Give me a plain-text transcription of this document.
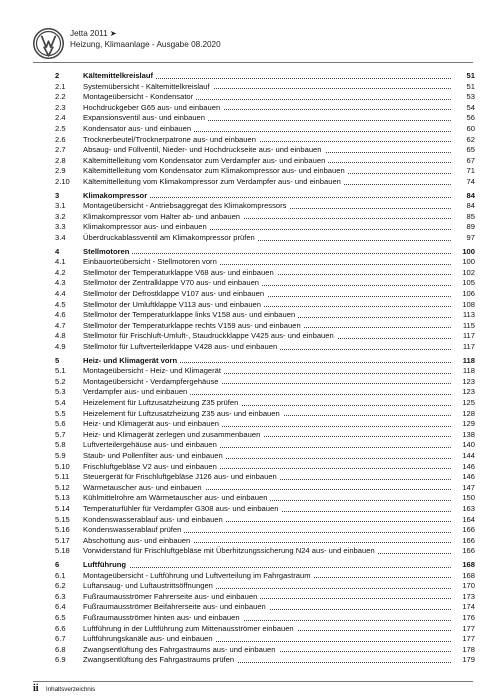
Jetta 2011 ➤
Heizung, Klimaanlage - Ausgabe 08.2020
2	Kältemittelkreislauf	51
2.1 Systemübersicht - Kältemittelkreislauf	51
2.2 Montageübersicht - Kondensator	53
2.3 Hochdruckgeber G65 aus- und einbauen	54
2.4 Expansionsventil aus- und einbauen	56
2.5 Kondensator aus- und einbauen	60
2.6 Trocknerbeutel/Trocknerpatrone aus- und einbauen	62
2.7 Absaug- und Füllventil, Nieder- und Hochdruckseite aus- und einbauen	65
2.8 Kältemittelleitung vom Kondensator zum Verdampfer aus- und einbauen	67
2.9 Kältemittelleitung vom Kondensator zum Klimakompressor aus- und einbauen	71
2.10 Kältemittelleitung vom Klimakompressor zum Verdampfer aus- und einbauen	74
3	Klimakompressor	84
3.1 Montageübersicht - Antriebsaggregat des Klimakompressors	84
3.2 Klimakompressor vom Halter ab- und anbauen	85
3.3 Klimakompressor aus- und einbauen	89
3.4 Überdruckablassventil am Klimakompressor prüfen	97
4	Stellmotoren	100
4.1 Einbauorteübersicht - Stellmotoren vorn	100
4.2 Stellmotor der Temperaturklappe V68 aus- und einbauen	102
4.3 Stellmotor der Zentralklappe V70 aus- und einbauen	105
4.4 Stellmotor der Defrostklappe V107 aus- und einbauen	106
4.5 Stellmotor der Umluftklappe V113 aus- und einbauen	108
4.6 Stellmotor der Temperaturklappe links V158 aus- und einbauen	113
4.7 Stellmotor der Temperaturklappe rechts V159 aus- und einbauen	115
4.8 Stellmotor für Frischluft-Umluft-, Staudruckklappe V425 aus- und einbauen	117
4.9 Stellmotor für Luftverteilerklappe V428 aus- und einbauen	117
5	Heiz- und Klimagerät vorn	118
5.1 Montageübersicht - Heiz- und Klimagerät	118
5.2 Montageübersicht - Verdampfergehäuse	123
5.3 Verdampfer aus- und einbauen	123
5.4 Heizelement für Luftzusatzheizung Z35 prüfen	125
5.5 Heizelement für Luftzusatzheizung Z35 aus- und einbauen	128
5.6 Heiz- und Klimagerät aus- und einbauen	129
5.7 Heiz- und Klimagerät zerlegen und zusammenbauen	138
5.8 Luftverteilergehäuse aus- und einbauen	140
5.9 Staub- und Pollenfilter aus- und einbauen	144
5.10 Frischluftgebläse V2 aus- und einbauen	146
5.11 Steuergerät für Frischluftgebläse J126 aus- und einbauen	146
5.12 Wärmetauscher aus- und einbauen	147
5.13 Kühlmittelrohre am Wärmetauscher aus- und einbauen	150
5.14 Temperaturfühler für Verdampfer G308 aus- und einbauen	163
5.15 Kondenswasserablauf aus- und einbauen	164
5.16 Kondenswasserablauf prüfen	166
5.17 Abschottung aus- und einbauen	166
5.18 Vorwiderstand für Frischluftgebläse mit Überhitzungssicherung N24 aus- und einbauen	166
6	Luftführung	168
6.1 Montageübersicht - Luftführung und Luftverteilung im Fahrgastraum	168
6.2 Luftansaug- und Luftaustrittsöffnungen	170
6.3 Fußraumausströmer Fahrerseite aus- und einbauen	173
6.4 Fußraumausströmer Beifahrerseite aus- und einbauen	174
6.5 Fußraumausströmer hinten aus- und einbauen	176
6.6 Luftführung in der Luftführung zum Mittenausströmer einbauen	177
6.7 Luftführungskanäle aus- und einbauen	177
6.8 Zwangsentlüftung des Fahrgastraums aus- und einbauen	178
6.9 Zwangsentlüftung des Fahrgastraums prüfen	179
ii Inhaltsverzeichnis
